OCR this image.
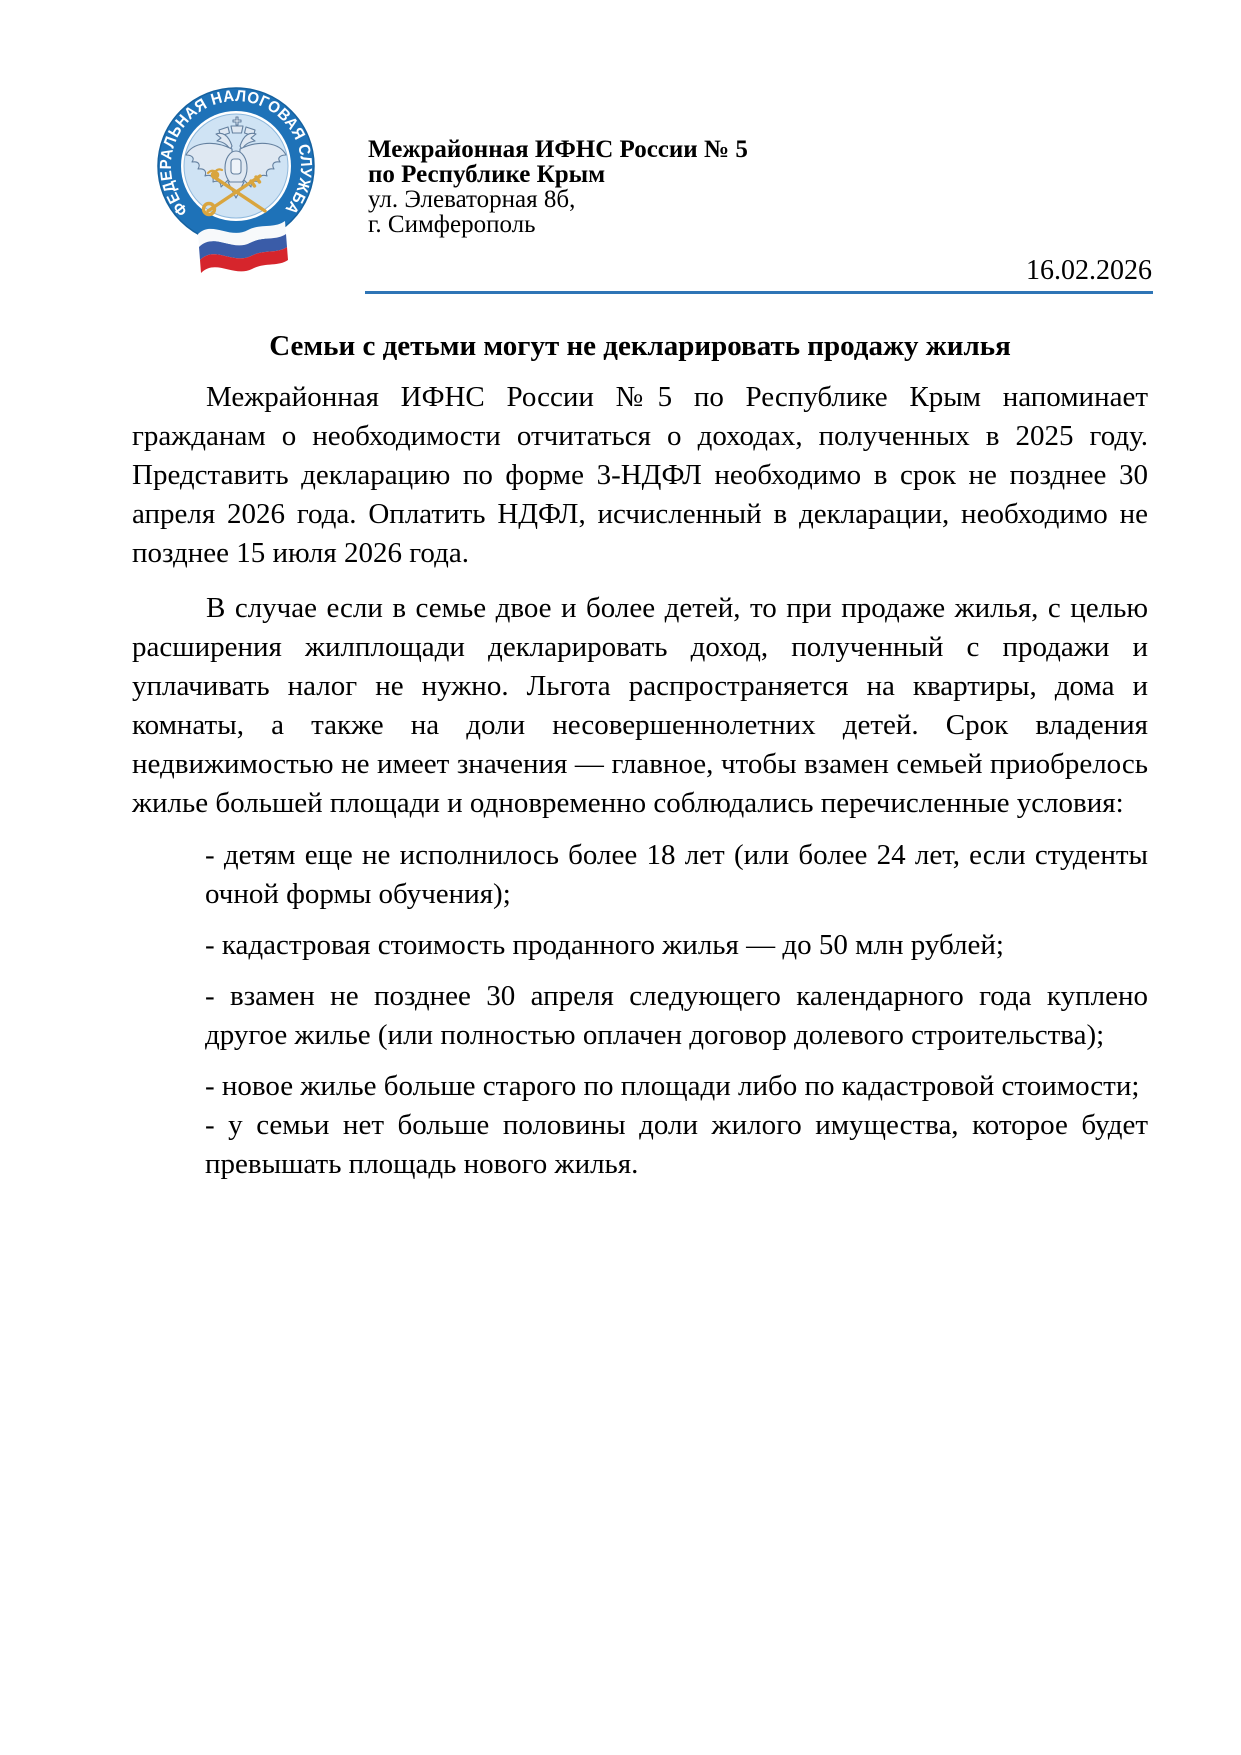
ФЕДЕРАЛЬНАЯ НАЛОГОВАЯ СЛУЖБА
Межрайонная ИФНС России № 5
по Республике Крым
ул. Элеваторная 8б,
г. Симферополь
16.02.2026
Семьи с детьми могут не декларировать продажу жилья

Межрайонная ИФНС России №5 по Республике Крым напоминает гражданам о необходимости отчитаться о доходах, полученных в 2025 году. Представить декларацию по форме 3-НДФЛ необходимо в срок не позднее 30 апреля 2026 года. Оплатить НДФЛ, исчисленный в декларации, необходимо не позднее 15 июля 2026 года.

В случае если в семье двое и более детей, то при продаже жилья, с целью расширения жилплощади декларировать доход, полученный с продажи и уплачивать налог не нужно. Льгота распространяется на квартиры, дома и комнаты, а также на доли несовершеннолетних детей. Срок владения недвижимостью не имеет значения — главное, чтобы взамен семьей приобрелось жилье большей площади и одновременно соблюдались перечисленные условия:

- детям еще не исполнилось более 18 лет (или более 24 лет, если студенты очной формы обучения);

- кадастровая стоимость проданного жилья — до 50 млн рублей;

- взамен не позднее 30 апреля следующего календарного года куплено другое жилье (или полностью оплачен договор долевого строительства);

- новое жилье больше старого по площади либо по кадастровой стоимости;

- у семьи нет больше половины доли жилого имущества, которое будет превышать площадь нового жилья.
